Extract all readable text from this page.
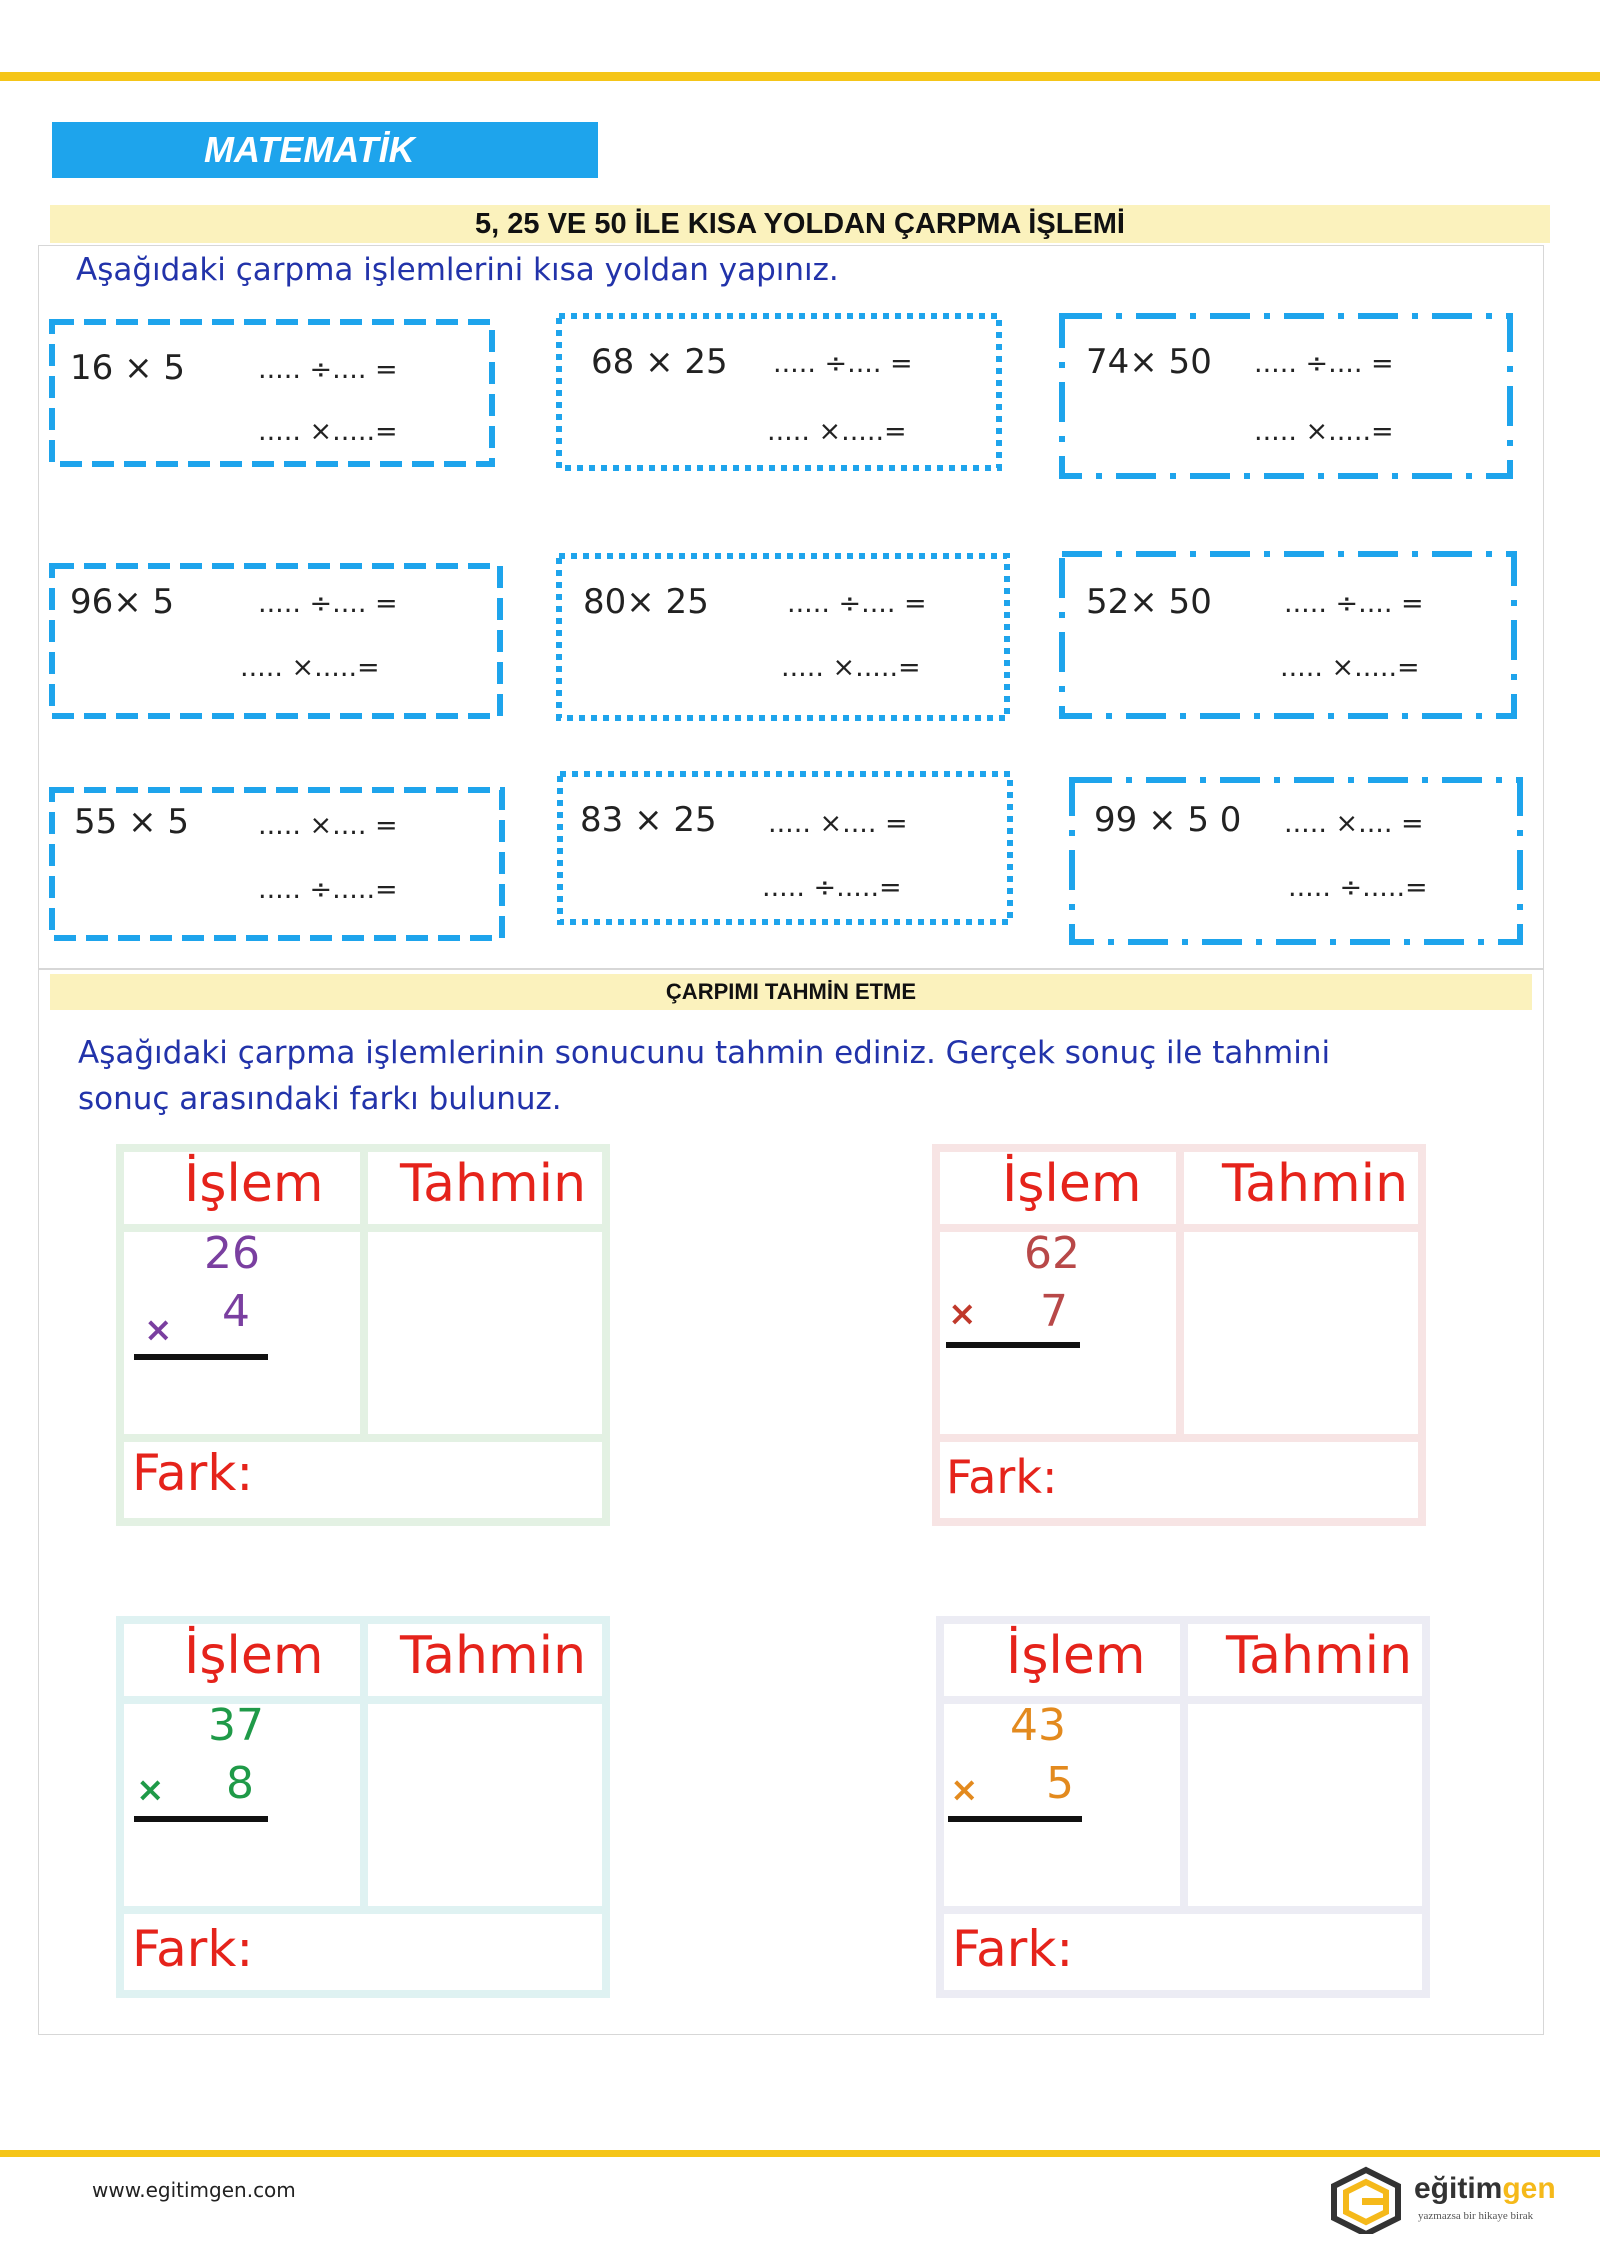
MATEMATİK
5, 25 VE 50 İLE KISA YOLDAN ÇARPMA İŞLEMİ
Aşağıdaki çarpma işlemlerini kısa yoldan yapınız.
16 × 5	..... ÷.... =
..... ×.....=
68 × 25 ..... ÷.... =
..... ×.....=
74× 50 ..... ÷.... =
..... ×.....=
96× 5	..... ÷.... =
..... ×.....=
80× 25	..... ÷.... =
..... ×.....=
52× 50	..... ÷.... =
..... ×.....=
55 × 5	..... ×.... =
..... ÷.....=
83 × 25 ..... ×.... =
..... ÷.....=
99 × 5 0 ..... ×.... =
..... ÷.....=
ÇARPIMI TAHMİN ETME
Aşağıdaki çarpma işlemlerinin sonucunu tahmin ediniz. Gerçek sonuç ile tahmini sonuç arasındaki farkı bulunuz.
İşlem Tahmin
26
4
×
Fark:
İşlem Tahmin
62
7
×
Fark:
İşlem Tahmin
37
8
×
Fark:
İşlem Tahmin
43
5
×
Fark:
www.egitimgen.com	eğitimgen
yazmazsa bir hikaye birak
